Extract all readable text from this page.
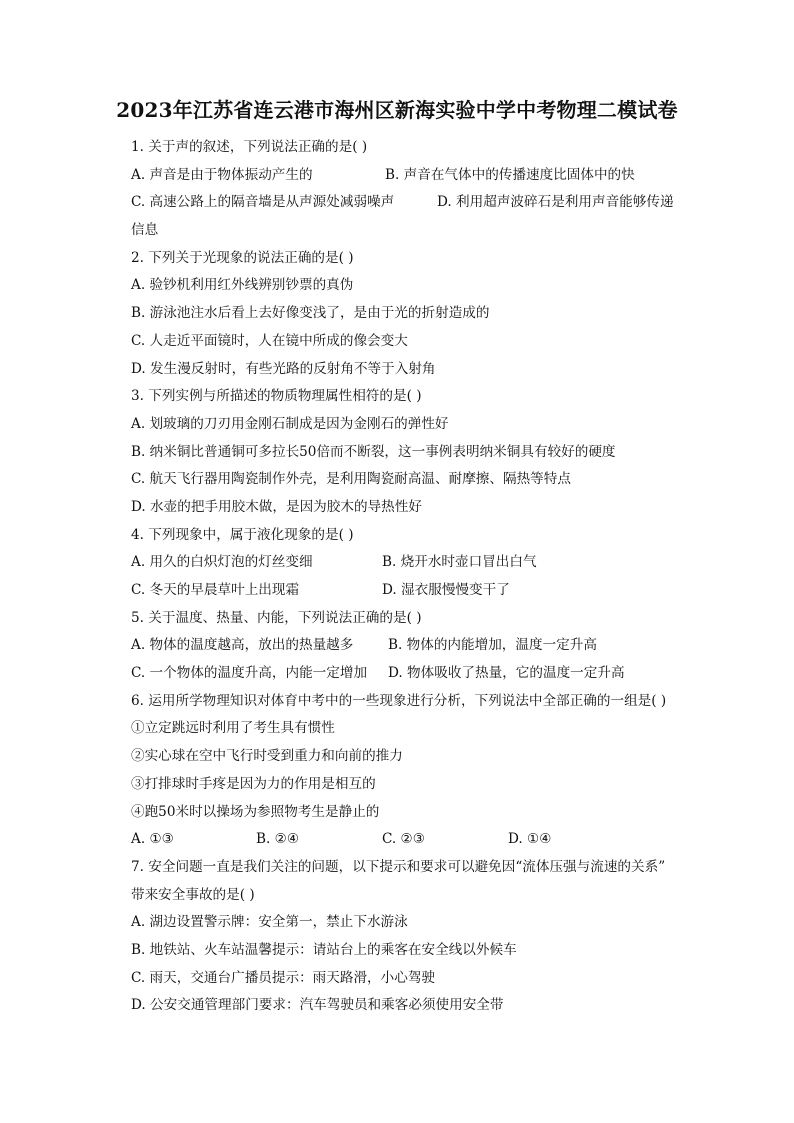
2023年江苏省连云港市海州区新海实验中学中考物理二模试卷
1. 关于声的叙述，下列说法正确的是( )
A. 声音是由于物体振动产生的	B. 声音在气体中的传播速度比固体中的快
C. 高速公路上的隔音墙是从声源处减弱噪声	D. 利用超声波碎石是利用声音能够传递
信息
2. 下列关于光现象的说法正确的是( )
A. 验钞机利用红外线辨别钞票的真伪
B. 游泳池注水后看上去好像变浅了，是由于光的折射造成的
C. 人走近平面镜时，人在镜中所成的像会变大
D. 发生漫反射时，有些光路的反射角不等于入射角
3. 下列实例与所描述的物质物理属性相符的是( )
A. 划玻璃的刀刃用金刚石制成是因为金刚石的弹性好
B. 纳米铜比普通铜可多拉长50倍而不断裂，这一事例表明纳米铜具有较好的硬度
C. 航天飞行器用陶瓷制作外壳，是利用陶瓷耐高温、耐摩擦、隔热等特点
D. 水壶的把手用胶木做，是因为胶木的导热性好
4. 下列现象中，属于液化现象的是( )
A. 用久的白炽灯泡的灯丝变细	B. 烧开水时壶口冒出白气
C. 冬天的早晨草叶上出现霜	D. 湿衣服慢慢变干了
5. 关于温度、热量、内能，下列说法正确的是( )
A. 物体的温度越高，放出的热量越多	B. 物体的内能增加，温度一定升高
C. 一个物体的温度升高，内能一定增加 D. 物体吸收了热量，它的温度一定升高
6. 运用所学物理知识对体育中考中的一些现象进行分析，下列说法中全部正确的一组是( )
①立定跳远时利用了考生具有惯性
②实心球在空中飞行时受到重力和向前的推力
③打排球时手疼是因为力的作用是相互的
④跑50米时以操场为参照物考生是静止的
A. ①③	B. ②④	C. ②③	D. ①④
7. 安全问题一直是我们关注的问题，以下提示和要求可以避免因“流体压强与流速的关系”
带来安全事故的是( )
A. 湖边设置警示牌：安全第一，禁止下水游泳
B. 地铁站、火车站温馨提示：请站台上的乘客在安全线以外候车
C. 雨天，交通台广播员提示：雨天路滑，小心驾驶
D. 公安交通管理部门要求：汽车驾驶员和乘客必须使用安全带
